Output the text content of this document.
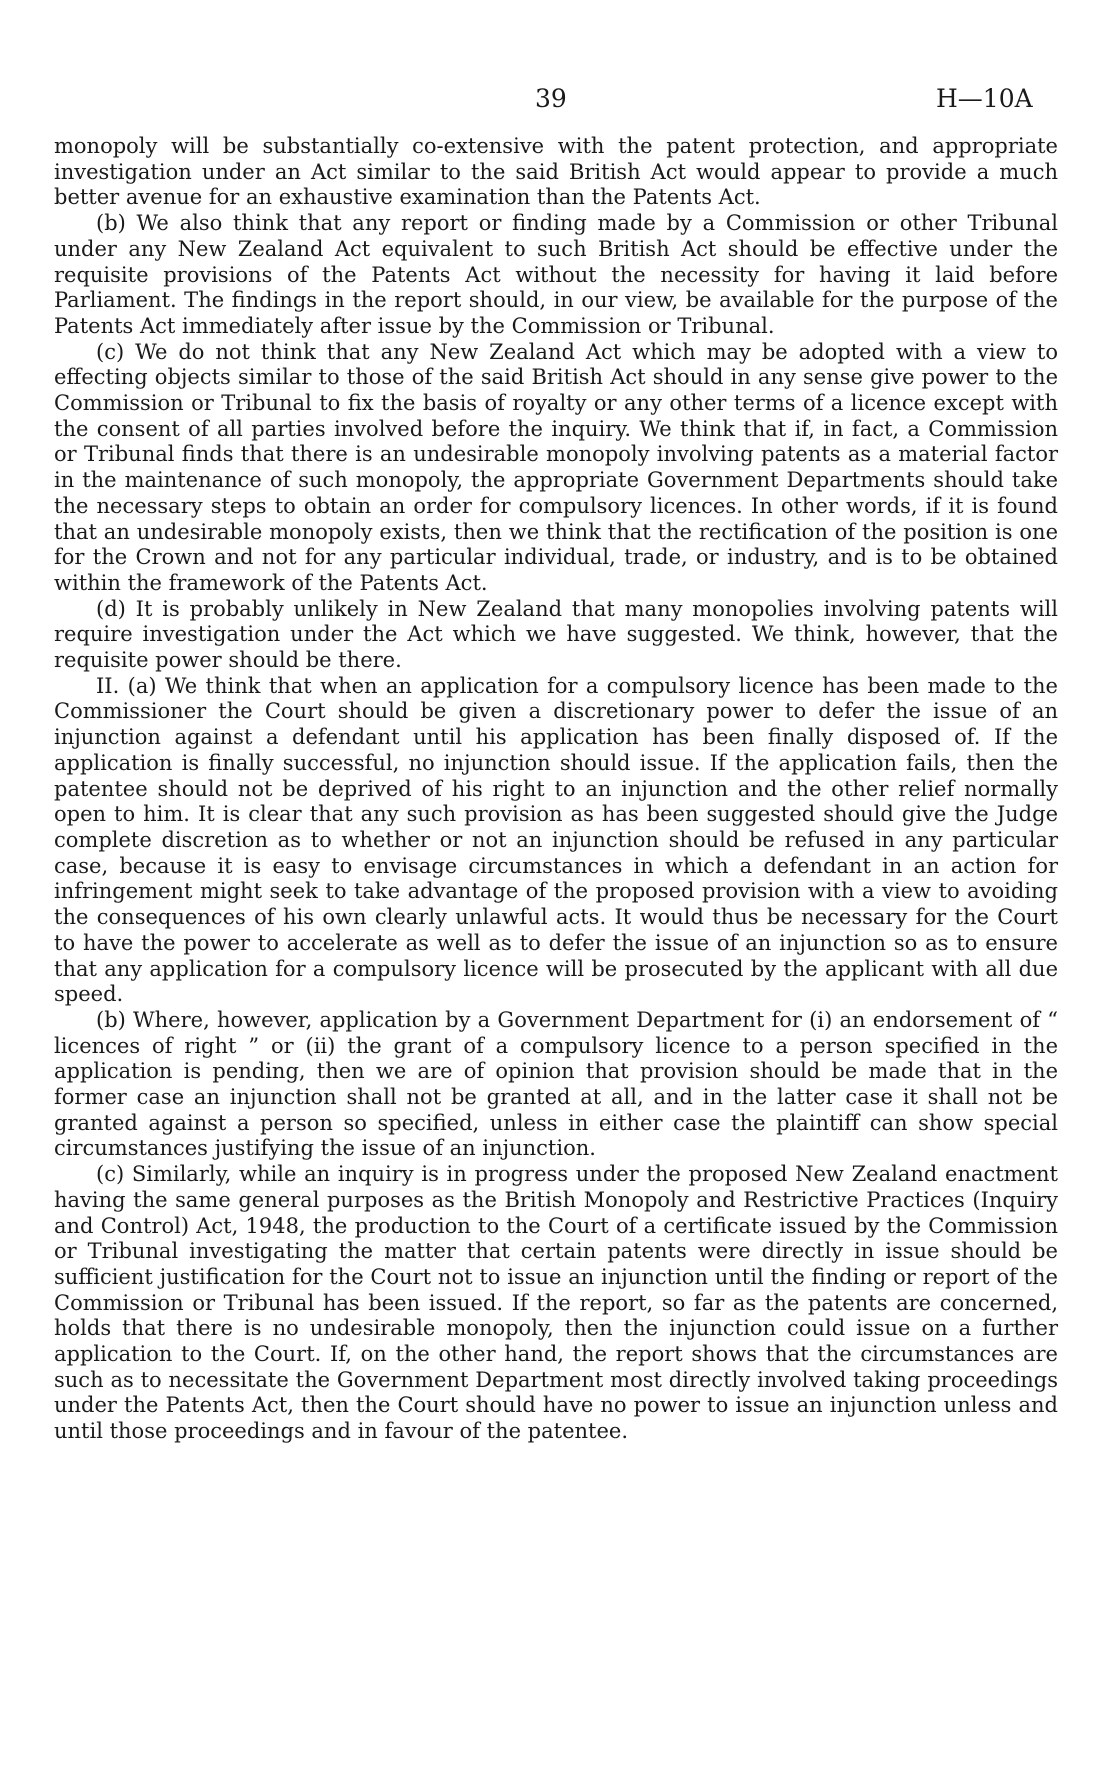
39	H—10A

monopoly will be substantially co-extensive with the patent protection, and appropriate investigation under an Act similar to the said British Act would appear to provide a much better avenue for an exhaustive examination than the Patents Act.

(b) We also think that any report or finding made by a Commission or other Tribunal under any New Zealand Act equivalent to such British Act should be effective under the requisite provisions of the Patents Act without the necessity for having it laid before Parliament. The findings in the report should, in our view, be available for the purpose of the Patents Act immediately after issue by the Commission or Tribunal.

(c) We do not think that any New Zealand Act which may be adopted with a view to effecting objects similar to those of the said British Act should in any sense give power to the Commission or Tribunal to fix the basis of royalty or any other terms of a licence except with the consent of all parties involved before the inquiry. We think that if, in fact, a Commission or Tribunal finds that there is an undesirable monopoly involving patents as a material factor in the maintenance of such monopoly, the appropriate Government Departments should take the necessary steps to obtain an order for compulsory licences. In other words, if it is found that an undesirable monopoly exists, then we think that the rectification of the position is one for the Crown and not for any particular individual, trade, or industry, and is to be obtained within the framework of the Patents Act.

(d) It is probably unlikely in New Zealand that many monopolies involving patents will require investigation under the Act which we have suggested. We think, however, that the requisite power should be there.

II. (a) We think that when an application for a compulsory licence has been made to the Commissioner the Court should be given a discretionary power to defer the issue of an injunction against a defendant until his application has been finally disposed of. If the application is finally successful, no injunction should issue. If the application fails, then the patentee should not be deprived of his right to an injunction and the other relief normally open to him. It is clear that any such provision as has been suggested should give the Judge complete discretion as to whether or not an injunction should be refused in any particular case, because it is easy to envisage circumstances in which a defendant in an action for infringement might seek to take advantage of the proposed provision with a view to avoiding the consequences of his own clearly unlawful acts. It would thus be necessary for the Court to have the power to accelerate as well as to defer the issue of an injunction so as to ensure that any application for a compulsory licence will be prosecuted by the applicant with all due speed.

(b) Where, however, application by a Government Department for (i) an endorsement of “ licences of right ” or (ii) the grant of a compulsory licence to a person specified in the application is pending, then we are of opinion that provision should be made that in the former case an injunction shall not be granted at all, and in the latter case it shall not be granted against a person so specified, unless in either case the plaintiff can show special circumstances justifying the issue of an injunction.

(c) Similarly, while an inquiry is in progress under the proposed New Zealand enactment having the same general purposes as the British Monopoly and Restrictive Practices (Inquiry and Control) Act, 1948, the production to the Court of a certificate issued by the Commission or Tribunal investigating the matter that certain patents were directly in issue should be sufficient justification for the Court not to issue an injunction until the finding or report of the Commission or Tribunal has been issued. If the report, so far as the patents are concerned, holds that there is no undesirable monopoly, then the injunction could issue on a further application to the Court. If, on the other hand, the report shows that the circumstances are such as to necessitate the Government Department most directly involved taking proceedings under the Patents Act, then the Court should have no power to issue an injunction unless and until those proceedings and in favour of the patentee.
